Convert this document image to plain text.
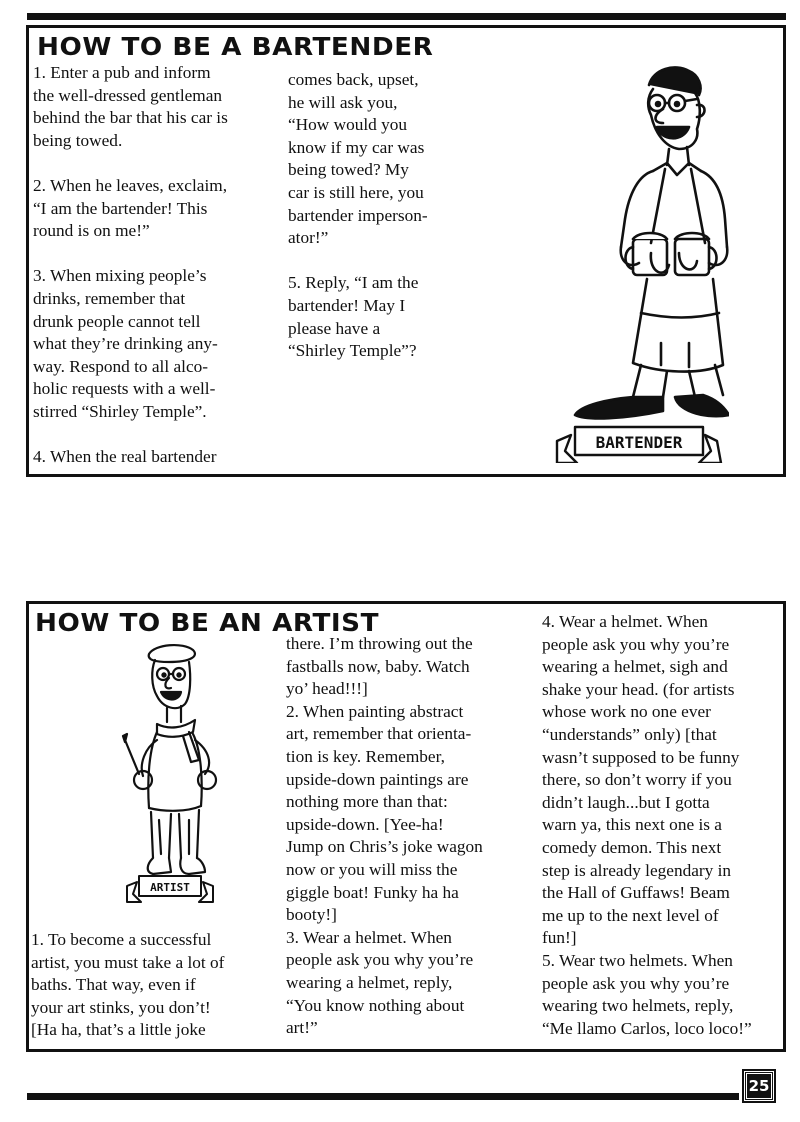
HOW TO BE A BARTENDER

1. Enter a pub and inform
the well-dressed gentleman
behind the bar that his car is
being towed.

2. When he leaves, exclaim,
“I am the bartender! This
round is on me!”

3. When mixing people’s
drinks, remember that
drunk people cannot tell
what they’re drinking any-
way. Respond to all alco-
holic requests with a well-
stirred “Shirley Temple”.

4. When the real bartender

comes back, upset,
he will ask you,
“How would you
know if my car was
being towed? My
car is still here, you
bartender imperson-
ator!”

5. Reply, “I am the
bartender! May I
please have a
“Shirley Temple”?

BARTENDER
HOW TO BE AN ARTIST
ARTIST
1. To become a successful
artist, you must take a lot of
baths. That way, even if
your art stinks, you don’t!
[Ha ha, that’s a little joke
there. I’m throwing out the
fastballs now, baby. Watch
yo’ head!!!]
2. When painting abstract
art, remember that orienta-
tion is key. Remember,
upside-down paintings are
nothing more than that:
upside-down. [Yee-ha!
Jump on Chris’s joke wagon
now or you will miss the
giggle boat! Funky ha ha
booty!]
3. Wear a helmet. When
people ask you why you’re
wearing a helmet, reply,
“You know nothing about
art!”
4. Wear a helmet. When
people ask you why you’re
wearing a helmet, sigh and
shake your head. (for artists
whose work no one ever
“understands” only) [that
wasn’t supposed to be funny
there, so don’t worry if you
didn’t laugh...but I gotta
warn ya, this next one is a
comedy demon. This next
step is already legendary in
the Hall of Guffaws! Beam
me up to the next level of
fun!]
5. Wear two helmets. When
people ask you why you’re
wearing two helmets, reply,
“Me llamo Carlos, loco loco!”
25
